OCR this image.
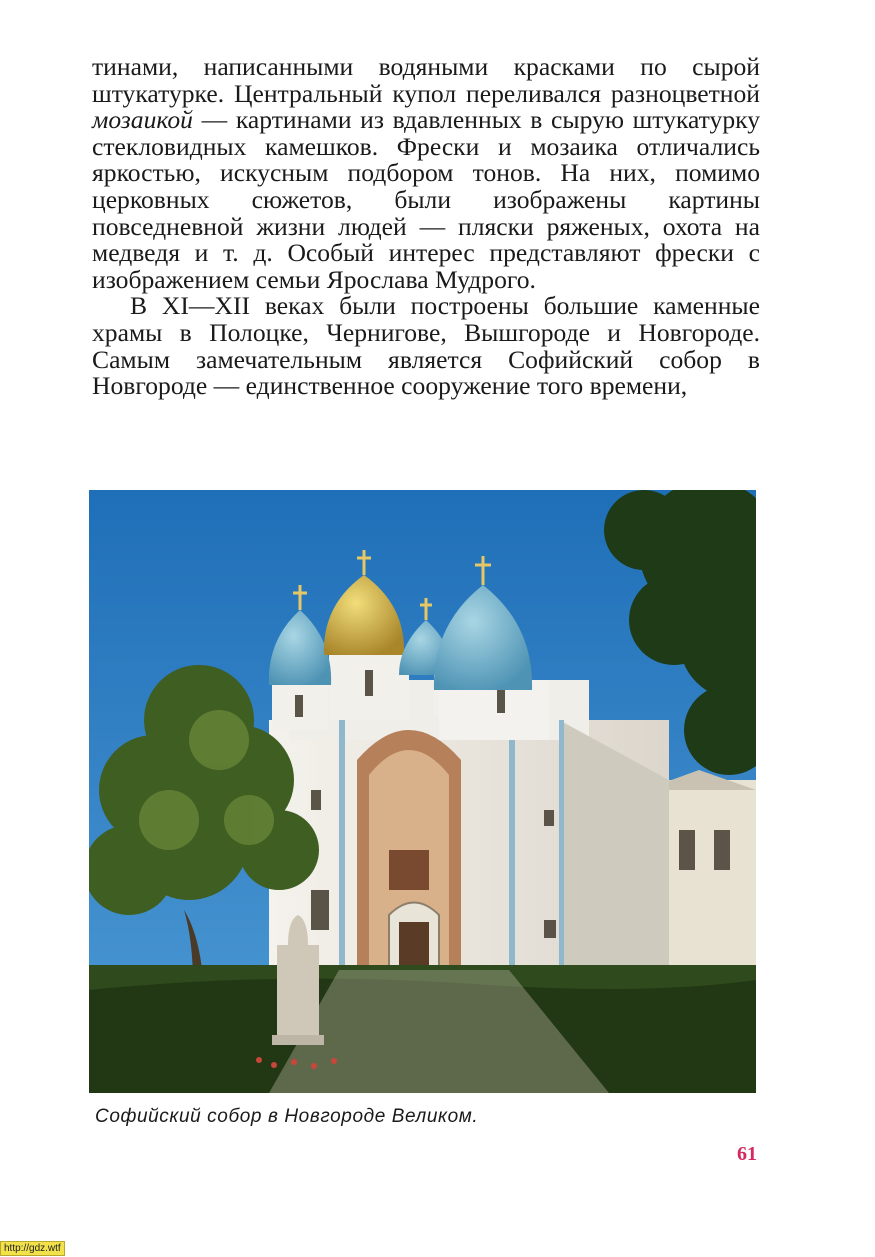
тинами, написанными водяными красками по сырой штукатурке. Центральный купол переливался разноцветной мозаикой — картинами из вдавленных в сырую штукатурку стекловидных камешков. Фрески и мозаика отличались яркостью, искусным подбором тонов. На них, помимо церковных сюжетов, были изображены картины повседневной жизни людей — пляски ряженых, охота на медведя и т. д. Особый интерес представляют фрески с изображением семьи Ярослава Мудрого.

В XI—XII веках были построены большие каменные храмы в Полоцке, Чернигове, Вышгороде и Новгороде. Самым замечательным является Софийский собор в Новгороде — единственное сооружение того времени,

Софийский собор в Новгороде Великом.
61
http://gdz.wtf
